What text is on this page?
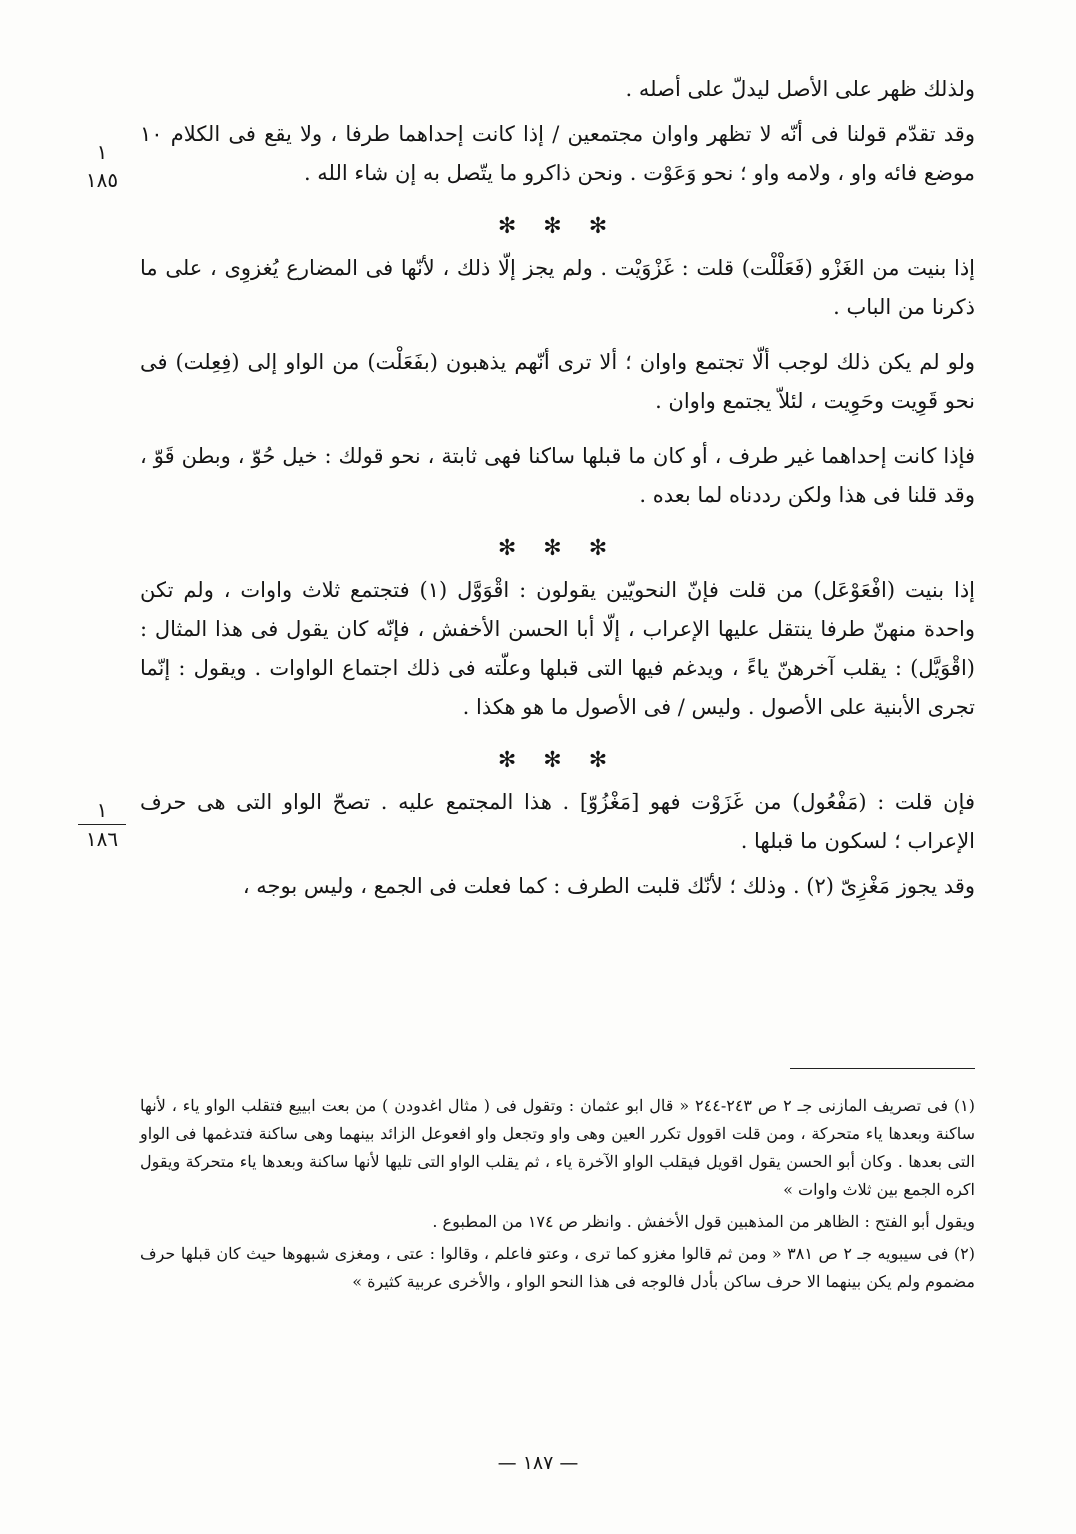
ولذلك ظهر على الأصل ليدلّ على أصله .

وقد تقدّم قولنا فى أنّه لا تظهر واوان مجتمعين / إذا كانت إحداهما طرفا ، ولا يقع فى الكلام ١٠ موضع فائه واو ، ولامه واو ؛ نحو وَعَوْت . ونحن ذاكرو ما يتّصل به إن شاء الله .

✻ ✻ ✻

إذا بنيت من الغَزْو (فَعَلْلْت) قلت : غَزْوَيْت . ولم يجز إلّا ذلك ، لأنّها فى المضارع يُغزوِى ، على ما ذكرنا من الباب .

ولو لم يكن ذلك لوجب ألّا تجتمع واوان ؛ ألا ترى أنّهم يذهبون (بفَعَلْت) من الواو إلى (فِعِلت) فى نحو قَوِيت وحَوِيت ، لئلاّ يجتمع واوان .

فإذا كانت إحداهما غير طرف ، أو كان ما قبلها ساكنا فهى ثابتة ، نحو قولك : خيل حُوّ ، وبطن قَوّ ، وقد قلنا فى هذا ولكن رددناه لما بعده .

✻ ✻ ✻

إذا بنيت (افْعَوْعَل) من قلت فإنّ النحويّين يقولون : اقْوَوَّل (١) فتجتمع ثلاث واوات ، ولم تكن واحدة منهنّ طرفا ينتقل عليها الإعراب ، إلّا أبا الحسن الأخفش ، فإنّه كان يقول فى هذا المثال : (اقْوَيَّل) : يقلب آخرهنّ ياءً ، ويدغم فيها التى قبلها وعلّته فى ذلك اجتماع الواوات . ويقول : إنّما تجرى الأبنية على الأصول . وليس / فى الأصول ما هو هكذا .

✻ ✻ ✻

فإن قلت : (مَفْعُول) من غَزَوْت فهو [مَغْزُوّ] . هذا المجتمع عليه . تصحّ الواو التى هى حرف الإعراب ؛ لسكون ما قبلها .

وقد يجوز مَغْزِىّ (٢) . وذلك ؛ لأنّك قلبت الطرف : كما فعلت فى الجمع ، وليس بوجه ،

١
١٨٥
١
١٨٦

(١) فى تصريف المازنى جـ ٢ ص ٢٤٣-٢٤٤ « قال ابو عثمان : وتقول فى ( مثال اغدودن ) من بعت ابييع فتقلب الواو ياء ، لأنها ساكنة وبعدها ياء متحركة ، ومن قلت اقوول تكرر العين وهى واو وتجعل واو افعوعل الزائد بينهما وهى ساكنة فتدغمها فى الواو التى بعدها . وكان أبو الحسن يقول اقويل فيقلب الواو الآخرة ياء ، ثم يقلب الواو التى تليها لأنها ساكنة وبعدها ياء متحركة ويقول اكره الجمع بين ثلاث واوات »

ويقول أبو الفتح : الظاهر من المذهبين قول الأخفش . وانظر ص ١٧٤ من المطبوع .

(٢) فى سيبويه جـ ٢ ص ٣٨١ « ومن ثم قالوا مغزو كما ترى ، وعتو فاعلم ، وقالوا : عتى ، ومغزى شبهوها حيث كان قبلها حرف مضموم ولم يكن بينهما الا حرف ساكن بأدل فالوجه فى هذا النحو الواو ، والأخرى عربية كثيرة »

— ١٨٧ —
